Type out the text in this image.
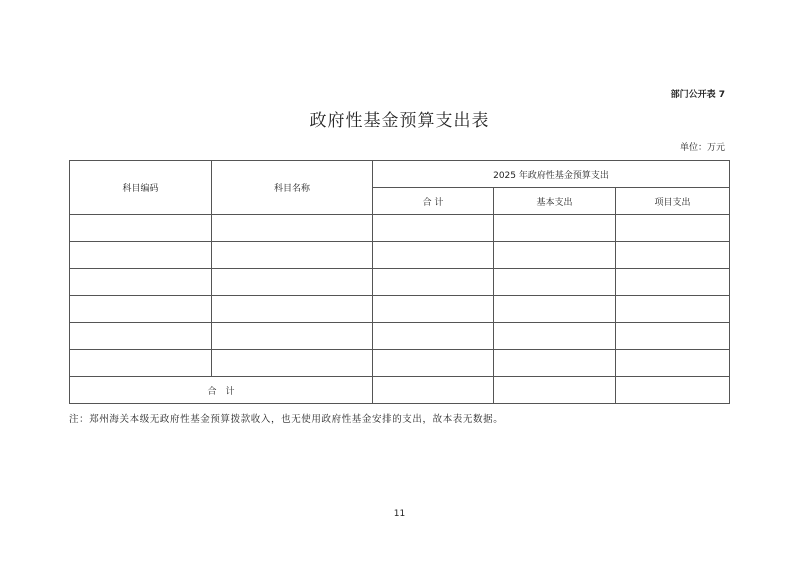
部门公开表 7
政府性基金预算支出表
单位：万元
科目编码	科目名称	2025 年政府性基金预算支出		
		合 计	基本支出	项目支出

合　计				
注：郑州海关本级无政府性基金预算拨款收入，也无使用政府性基金安排的支出，故本表无数据。
11
